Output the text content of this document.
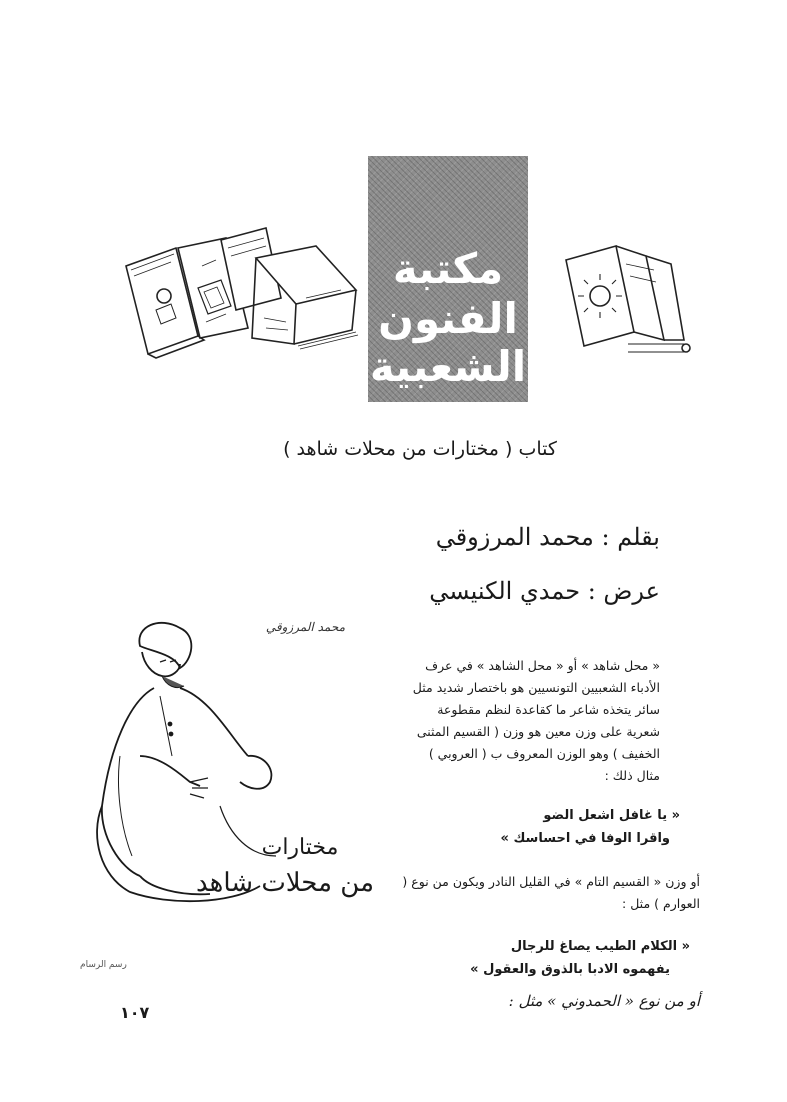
مكتبة
الفنون
الشعبية
كتاب ( مختارات من محلات شاهد )
بقلم : محمد المرزوقي
عرض : حمدي الكنيسي
محمد المرزوقي
مختارات
من محلات شاهد
رسم الرسام
« محل شاهد » أو « محل الشاهد » في عرف الأدباء الشعبيين التونسيين هو باختصار شديد مثل سائر يتخذه شاعر ما كقاعدة لنظم مقطوعة شعرية على وزن معين هو وزن ( القسيم المثنى الخفيف ) وهو الوزن المعروف ب ( العروبي ) مثال ذلك :
« يا غافل اشعل الضو
واقرا الوفا في احساسك »
أو وزن « القسيم التام » في القليل النادر ويكون من نوع ( العوارم ) مثل :
« الكلام الطيب يصاغ للرجال
يفهموه الادبا بالذوق والعقول »
أو من نوع « الحمدوني » مثل :
١٠٧
